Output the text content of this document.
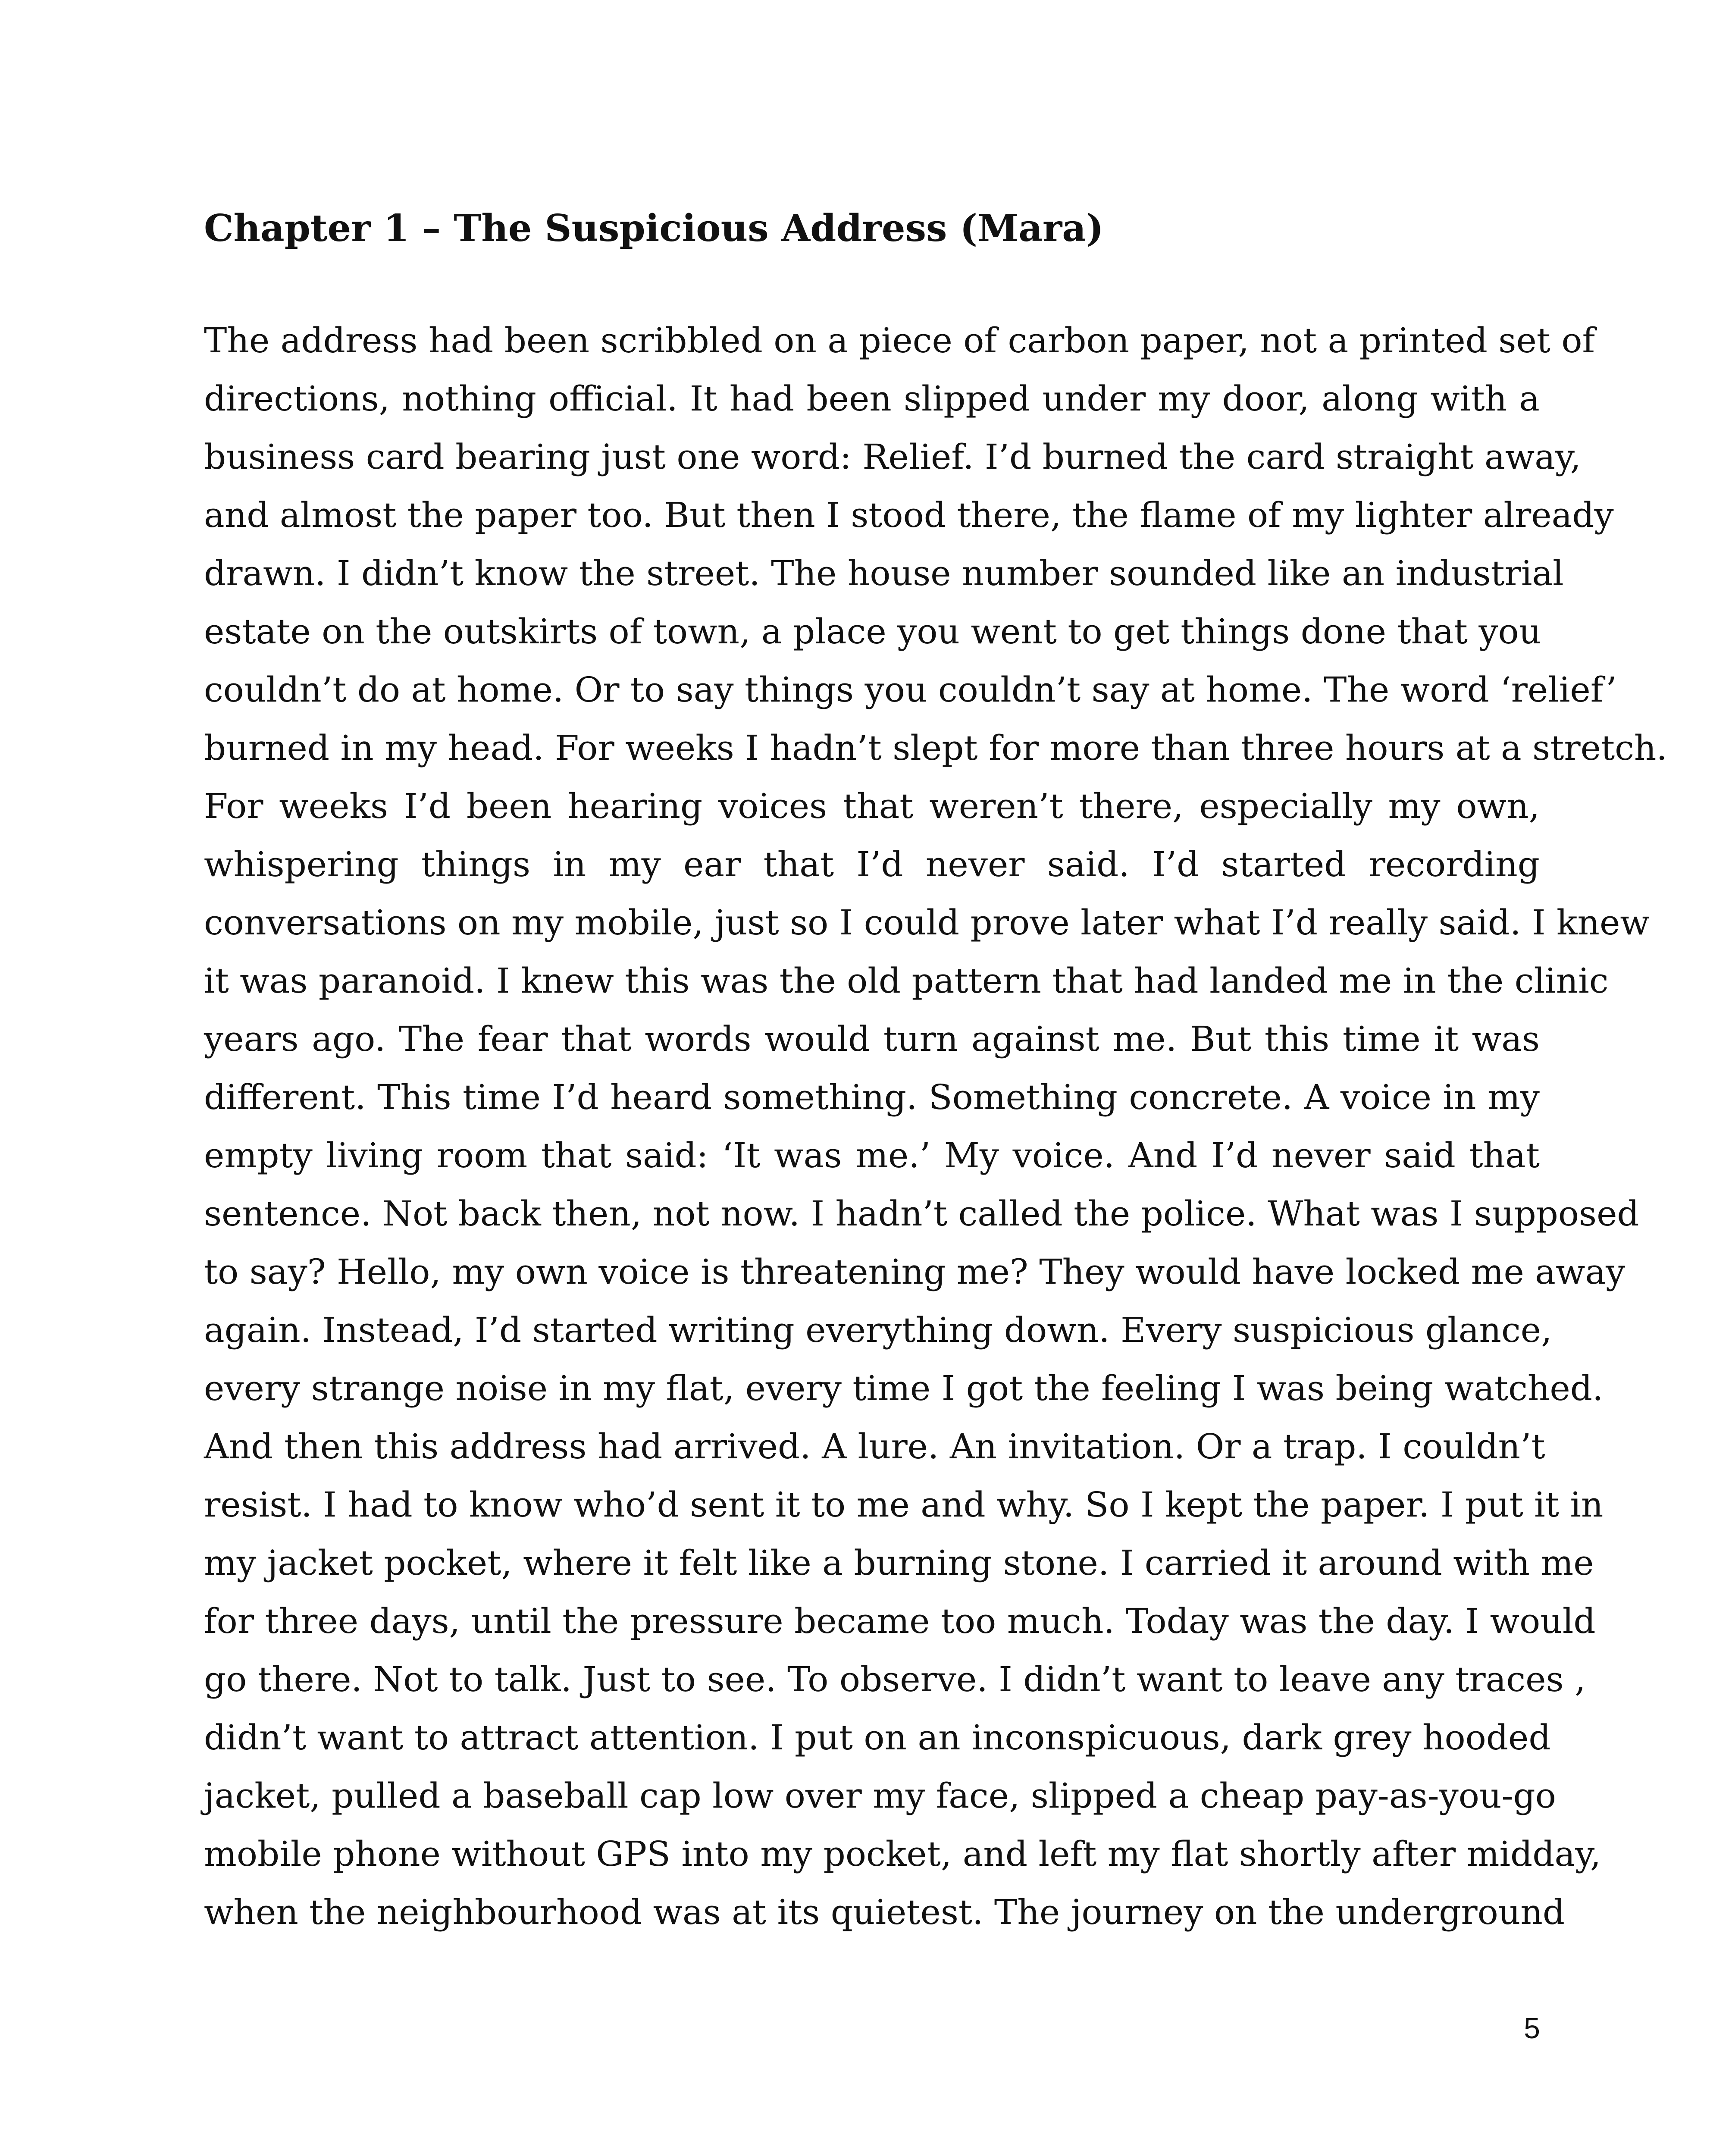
Chapter 1 – The Suspicious Address (Mara)
The address had been scribbled on a piece of carbon paper, not a printed set of
directions, nothing official. It had been slipped under my door, along with a
business card bearing just one word: Relief. I’d burned the card straight away,
and almost the paper too. But then I stood there, the flame of my lighter already
drawn. I didn’t know the street. The house number sounded like an industrial
estate on the outskirts of town, a place you went to get things done that you
couldn’t do at home. Or to say things you couldn’t say at home. The word ‘relief’
burned in my head. For weeks I hadn’t slept for more than three hours at a stretch.
For weeks I’d been hearing voices that weren’t there, especially my own,
whispering things in my ear that I’d never said. I’d started recording
conversations on my mobile, just so I could prove later what I’d really said. I knew
it was paranoid. I knew this was the old pattern that had landed me in the clinic
years ago. The fear that words would turn against me. But this time it was
different. This time I’d heard something. Something concrete. A voice in my
empty living room that said: ‘It was me.’ My voice. And I’d never said that
sentence. Not back then, not now. I hadn’t called the police. What was I supposed
to say? Hello, my own voice is threatening me? They would have locked me away
again. Instead, I’d started writing everything down. Every suspicious glance,
every strange noise in my flat, every time I got the feeling I was being watched.
And then this address had arrived. A lure. An invitation. Or a trap. I couldn’t
resist. I had to know who’d sent it to me and why. So I kept the paper. I put it in
my jacket pocket, where it felt like a burning stone. I carried it around with me
for three days, until the pressure became too much. Today was the day. I would
go there. Not to talk. Just to see. To observe. I didn’t want to leave any traces ,
didn’t want to attract attention. I put on an inconspicuous, dark grey hooded
jacket, pulled a baseball cap low over my face, slipped a cheap pay-as-you-go
mobile phone without GPS into my pocket, and left my flat shortly after midday,
when the neighbourhood was at its quietest. The journey on the underground
5
